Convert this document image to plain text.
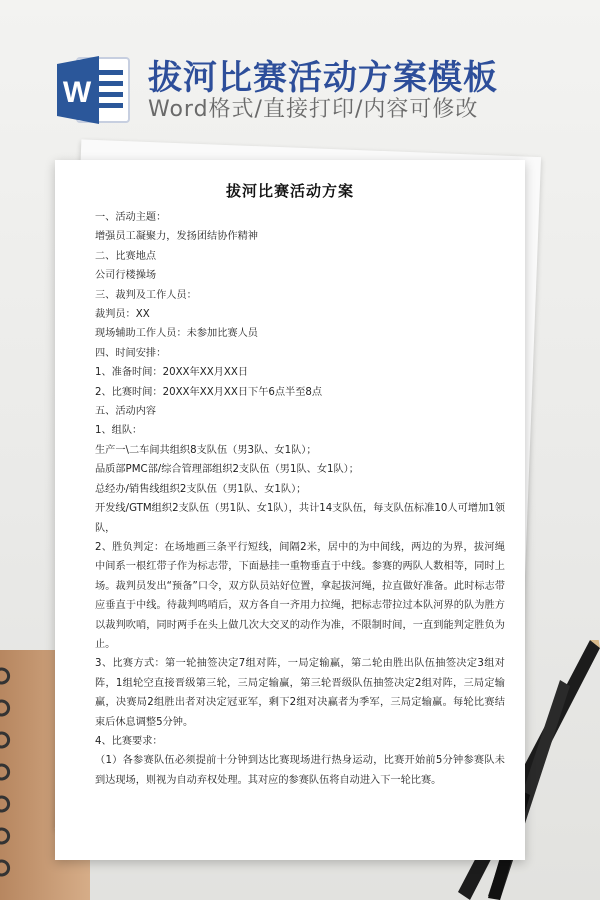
W 拔河比赛活动方案模板
Word格式/直接打印/内容可修改
拔河比赛活动方案
一、活动主题：
增强员工凝聚力，发扬团结协作精神
二、比赛地点
公司行楼操场
三、裁判及工作人员：
裁判员：XX
现场辅助工作人员：未参加比赛人员
四、时间安排：
1、准备时间：20XX年XX月XX日
2、比赛时间：20XX年XX月XX日下午6点半至8点
五、活动内容
1、组队：
生产一\二车间共组织8支队伍（男3队、女1队）；
品质部PMC部/综合管理部组织2支队伍（男1队、女1队）；
总经办/销售线组织2支队伍（男1队、女1队）；
开发线/GTM组织2支队伍（男1队、女1队），共计14支队伍，每支队伍标准10人可增加1领队，
2、胜负判定：在场地画三条平行短线，间隔2米，居中的为中间线，两边的为界，拔河绳中间系一根红带子作为标志带，下面悬挂一重物垂直于中线。参赛的两队人数相等，同时上场。裁判员发出“预备”口令，双方队员站好位置，拿起拔河绳，拉直做好准备。此时标志带应垂直于中线。待裁判鸣哨后，双方各自一齐用力拉绳，把标志带拉过本队河界的队为胜方以裁判吹哨，同时两手在头上做几次大交叉的动作为准，不限制时间，一直到能判定胜负为止。
3、比赛方式：第一轮抽签决定7组对阵，一局定输赢，第二轮由胜出队伍抽签决定3组对阵，1组轮空直接晋级第三轮，三局定输赢，第三轮晋级队伍抽签决定2组对阵，三局定输赢，决赛局2组胜出者对决定冠亚军，剩下2组对决赢者为季军，三局定输赢。每轮比赛结束后休息调整5分钟。
4、比赛要求：
（1）各参赛队伍必须提前十分钟到达比赛现场进行热身运动，比赛开始前5分钟参赛队未到达现场，则视为自动弃权处理。其对应的参赛队伍将自动进入下一轮比赛。
